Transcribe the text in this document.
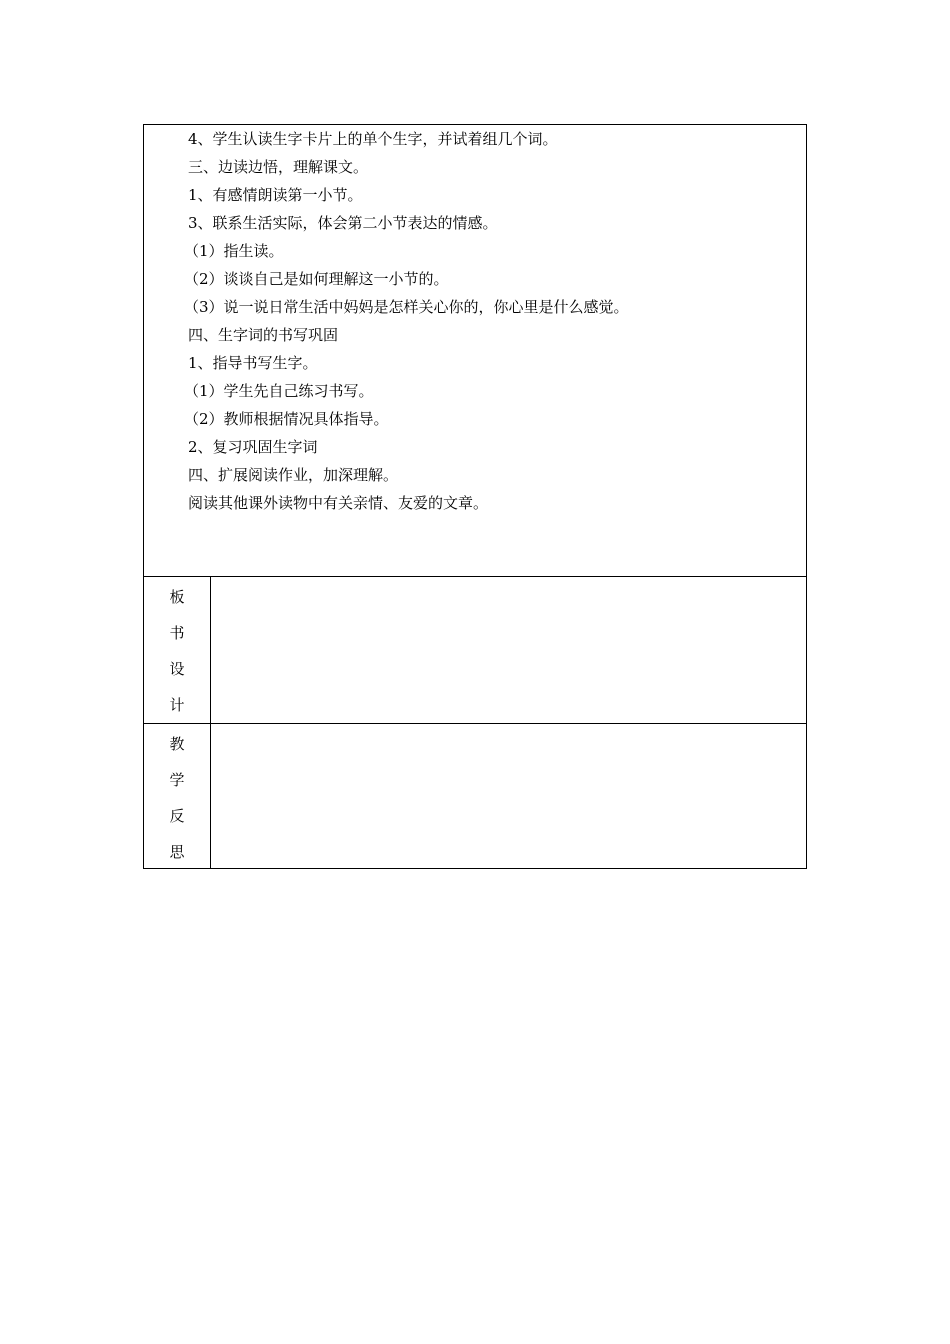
4、学生认读生字卡片上的单个生字，并试着组几个词。
三、边读边悟，理解课文。
1、有感情朗读第一小节。
3、联系生活实际，体会第二小节表达的情感。
（1）指生读。
（2）谈谈自己是如何理解这一小节的。
（3）说一说日常生活中妈妈是怎样关心你的，你心里是什么感觉。
四、生字词的书写巩固
1、指导书写生字。
（1）学生先自己练习书写。
（2）教师根据情况具体指导。
2、复习巩固生字词
四、扩展阅读作业，加深理解。
阅读其他课外读物中有关亲情、友爱的文章。
板
书
设
计
教
学
反
思
